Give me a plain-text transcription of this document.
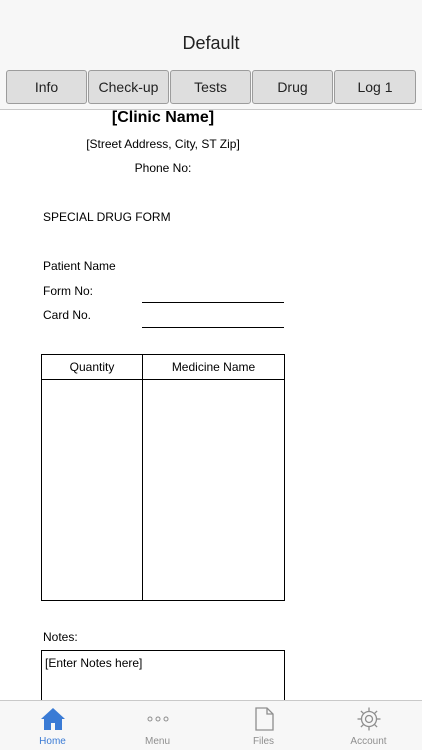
Default
Info	Check-up	Tests	Drug	Log 1
[Clinic Name]
[Street Address, City, ST Zip]
Phone No:
SPECIAL DRUG FORM
Patient Name
Form No:
Card No.
Quantity	Medicine Name
Notes:
[Enter Notes here]
Home	Menu	Files	Account
